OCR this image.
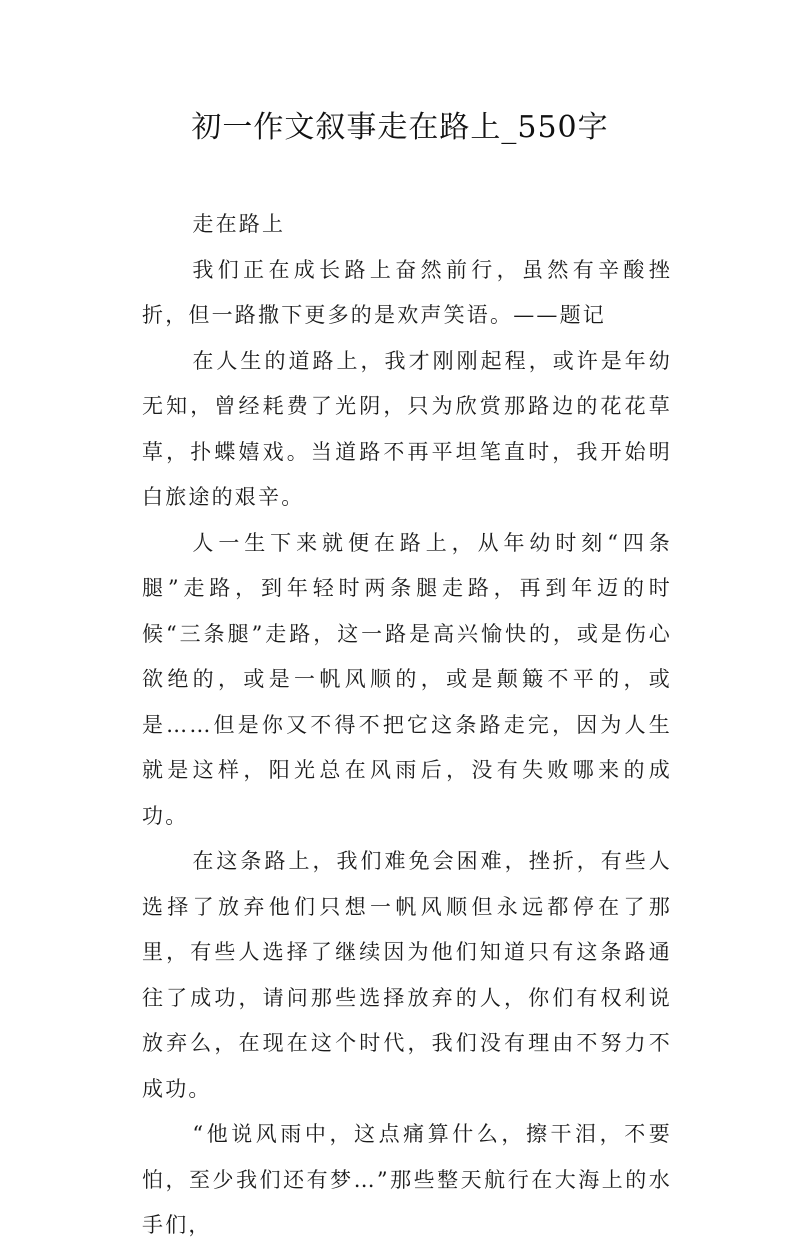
初一作文叙事走在路上_550字

走在路上

我们正在成长路上奋然前行，虽然有辛酸挫折，但一路撒下更多的是欢声笑语。——题记

在人生的道路上，我才刚刚起程，或许是年幼无知，曾经耗费了光阴，只为欣赏那路边的花花草草，扑蝶嬉戏。当道路不再平坦笔直时，我开始明白旅途的艰辛。

人一生下来就便在路上，从年幼时刻“四条腿”走路，到年轻时两条腿走路，再到年迈的时候“三条腿”走路，这一路是高兴愉快的，或是伤心欲绝的，或是一帆风顺的，或是颠簸不平的，或是……但是你又不得不把它这条路走完，因为人生就是这样，阳光总在风雨后，没有失败哪来的成功。

在这条路上，我们难免会困难，挫折，有些人选择了放弃他们只想一帆风顺但永远都停在了那里，有些人选择了继续因为他们知道只有这条路通往了成功，请问那些选择放弃的人，你们有权利说放弃么，在现在这个时代，我们没有理由不努力不成功。

“他说风雨中，这点痛算什么，擦干泪，不要怕，至少我们还有梦…”那些整天航行在大海上的水手们，
